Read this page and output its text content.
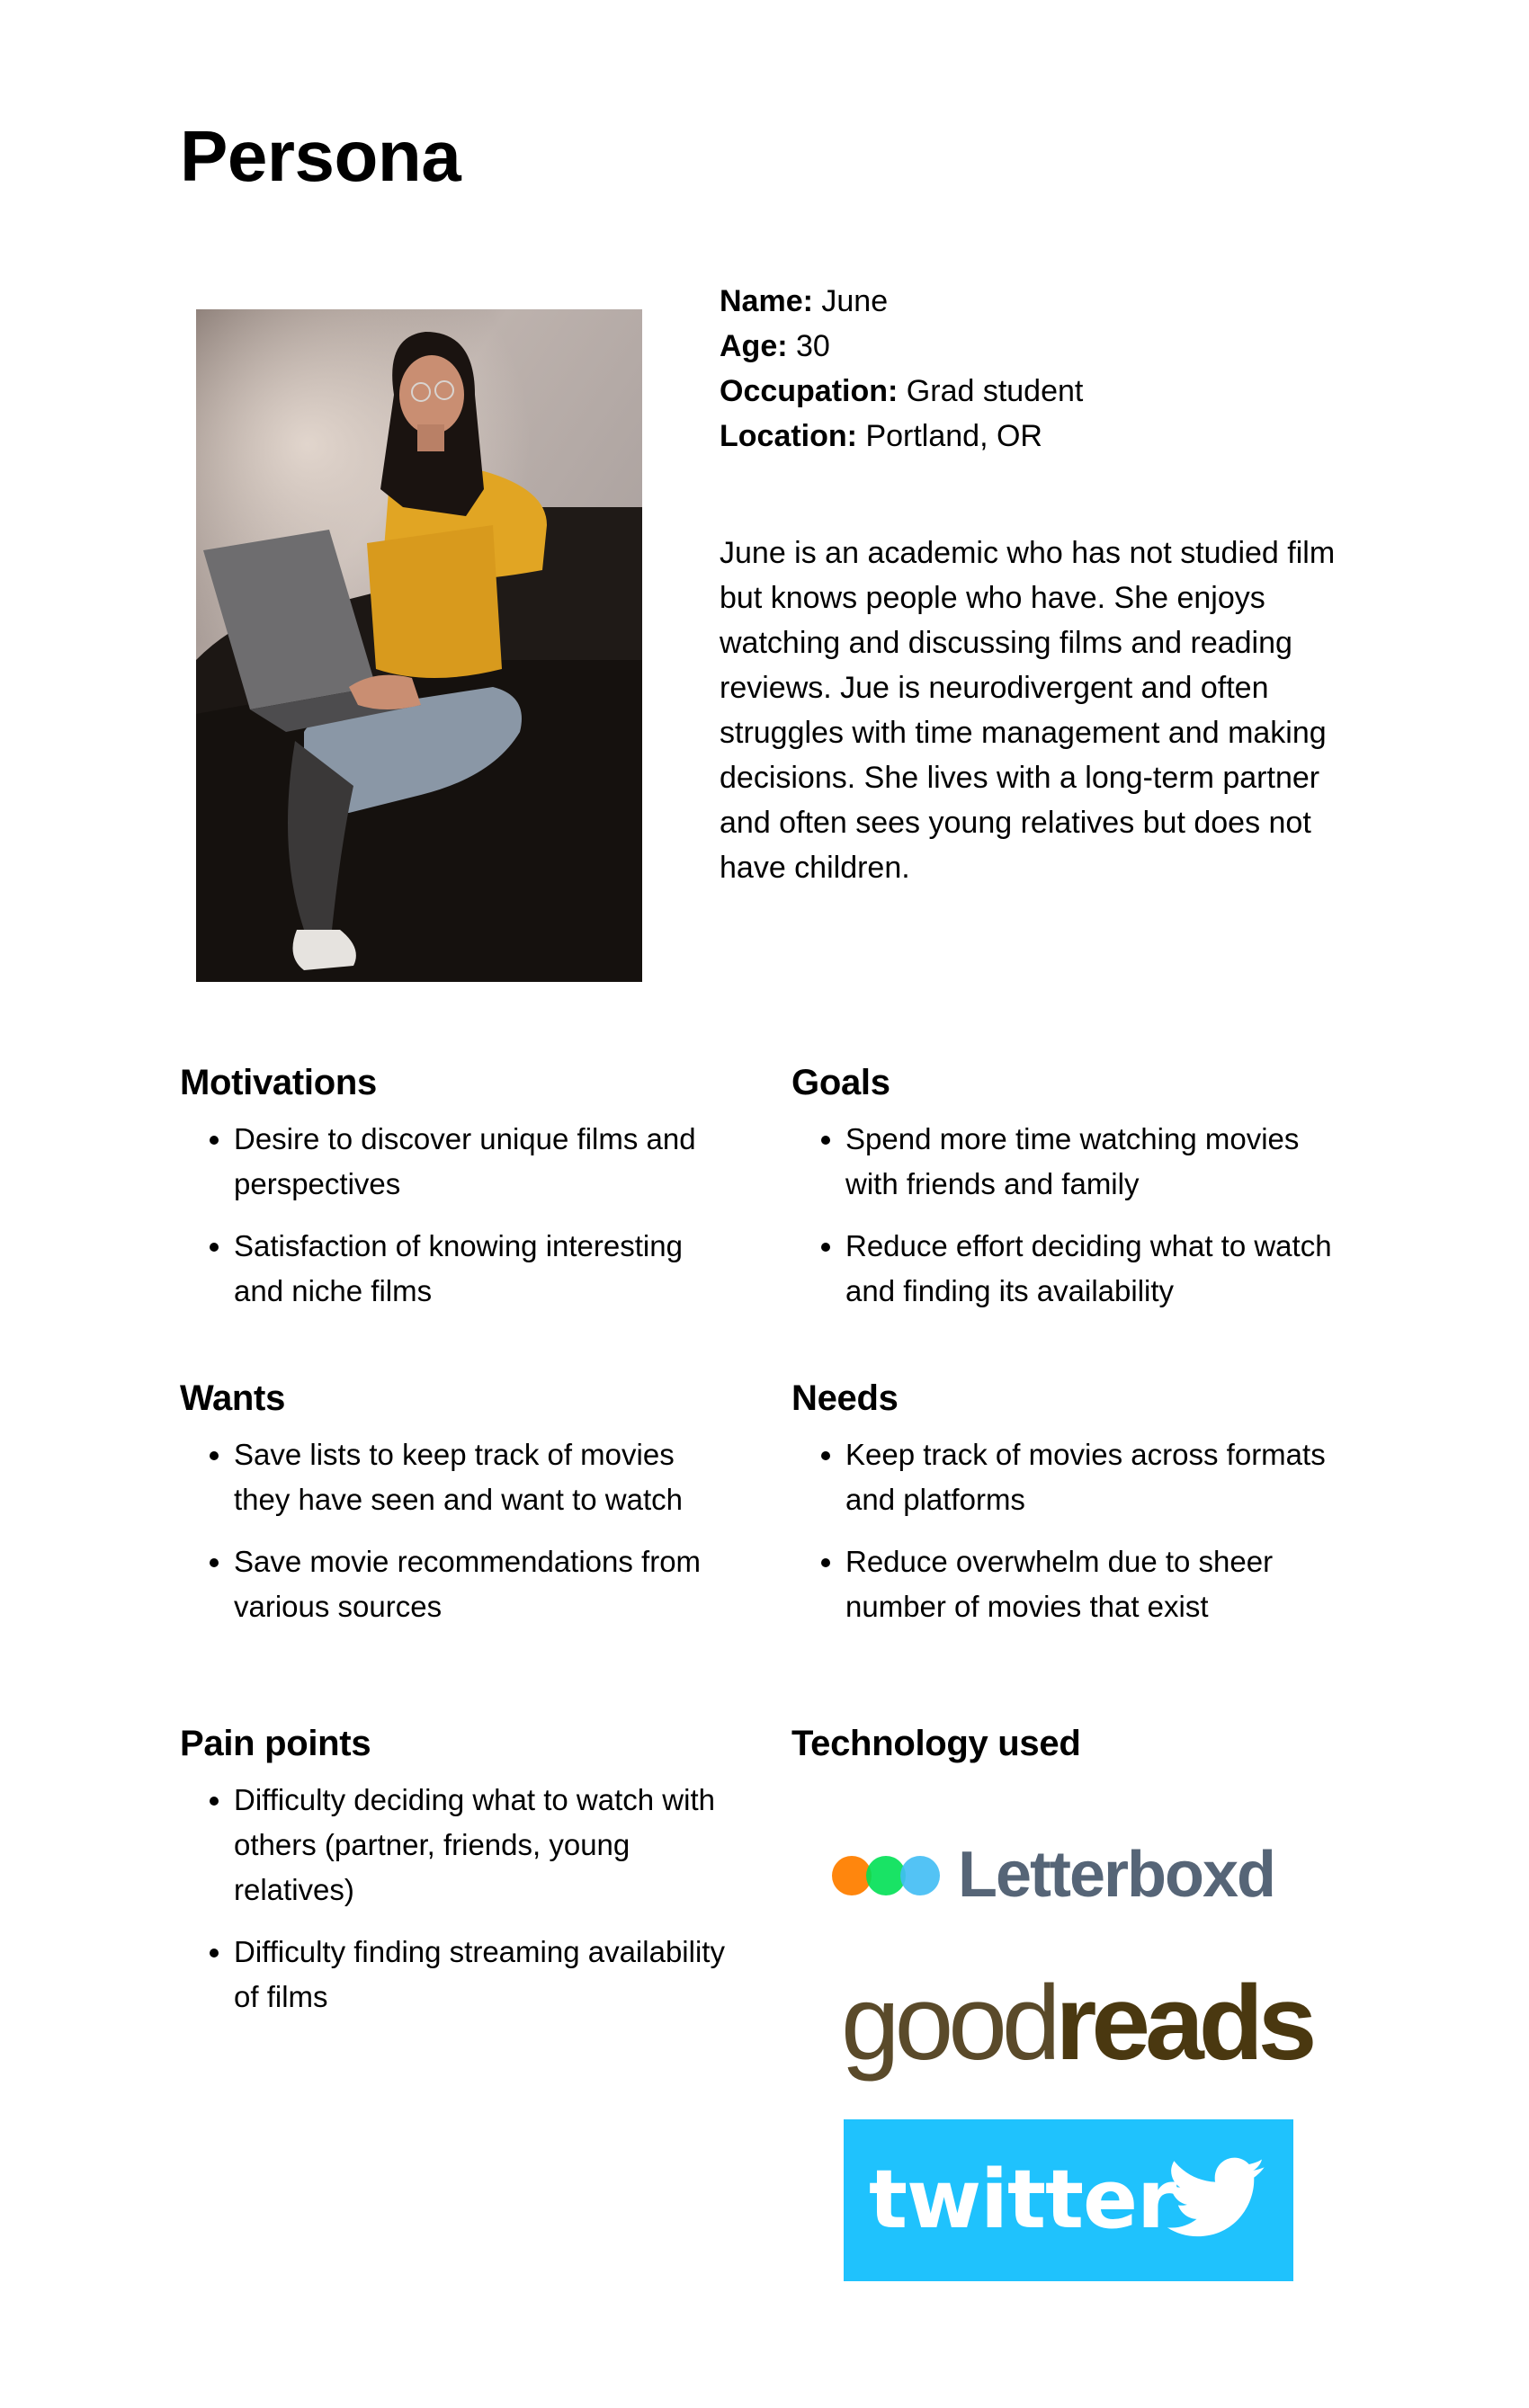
Persona
Name: June
Age: 30
Occupation: Grad student
Location: Portland, OR

June is an academic who has not studied film but knows people who have. She enjoys watching and discussing films and reading reviews. Jue is neurodivergent and often struggles with time management and making decisions. She lives with a long-term partner and often sees young relatives but does not have children.

Motivations
• Desire to discover unique films and perspectives
• Satisfaction of knowing interesting and niche films
Goals
• Spend more time watching movies with friends and family
• Reduce effort deciding what to watch and finding its availability
Wants
• Save lists to keep track of movies they have seen and want to watch
• Save movie recommendations from various sources
Needs
• Keep track of movies across formats and platforms
• Reduce overwhelm due to sheer number of movies that exist
Pain points
• Difficulty deciding what to watch with others (partner, friends, young relatives)
• Difficulty finding streaming availability of films
Technology used
Letterboxd
goodreads
twitter
